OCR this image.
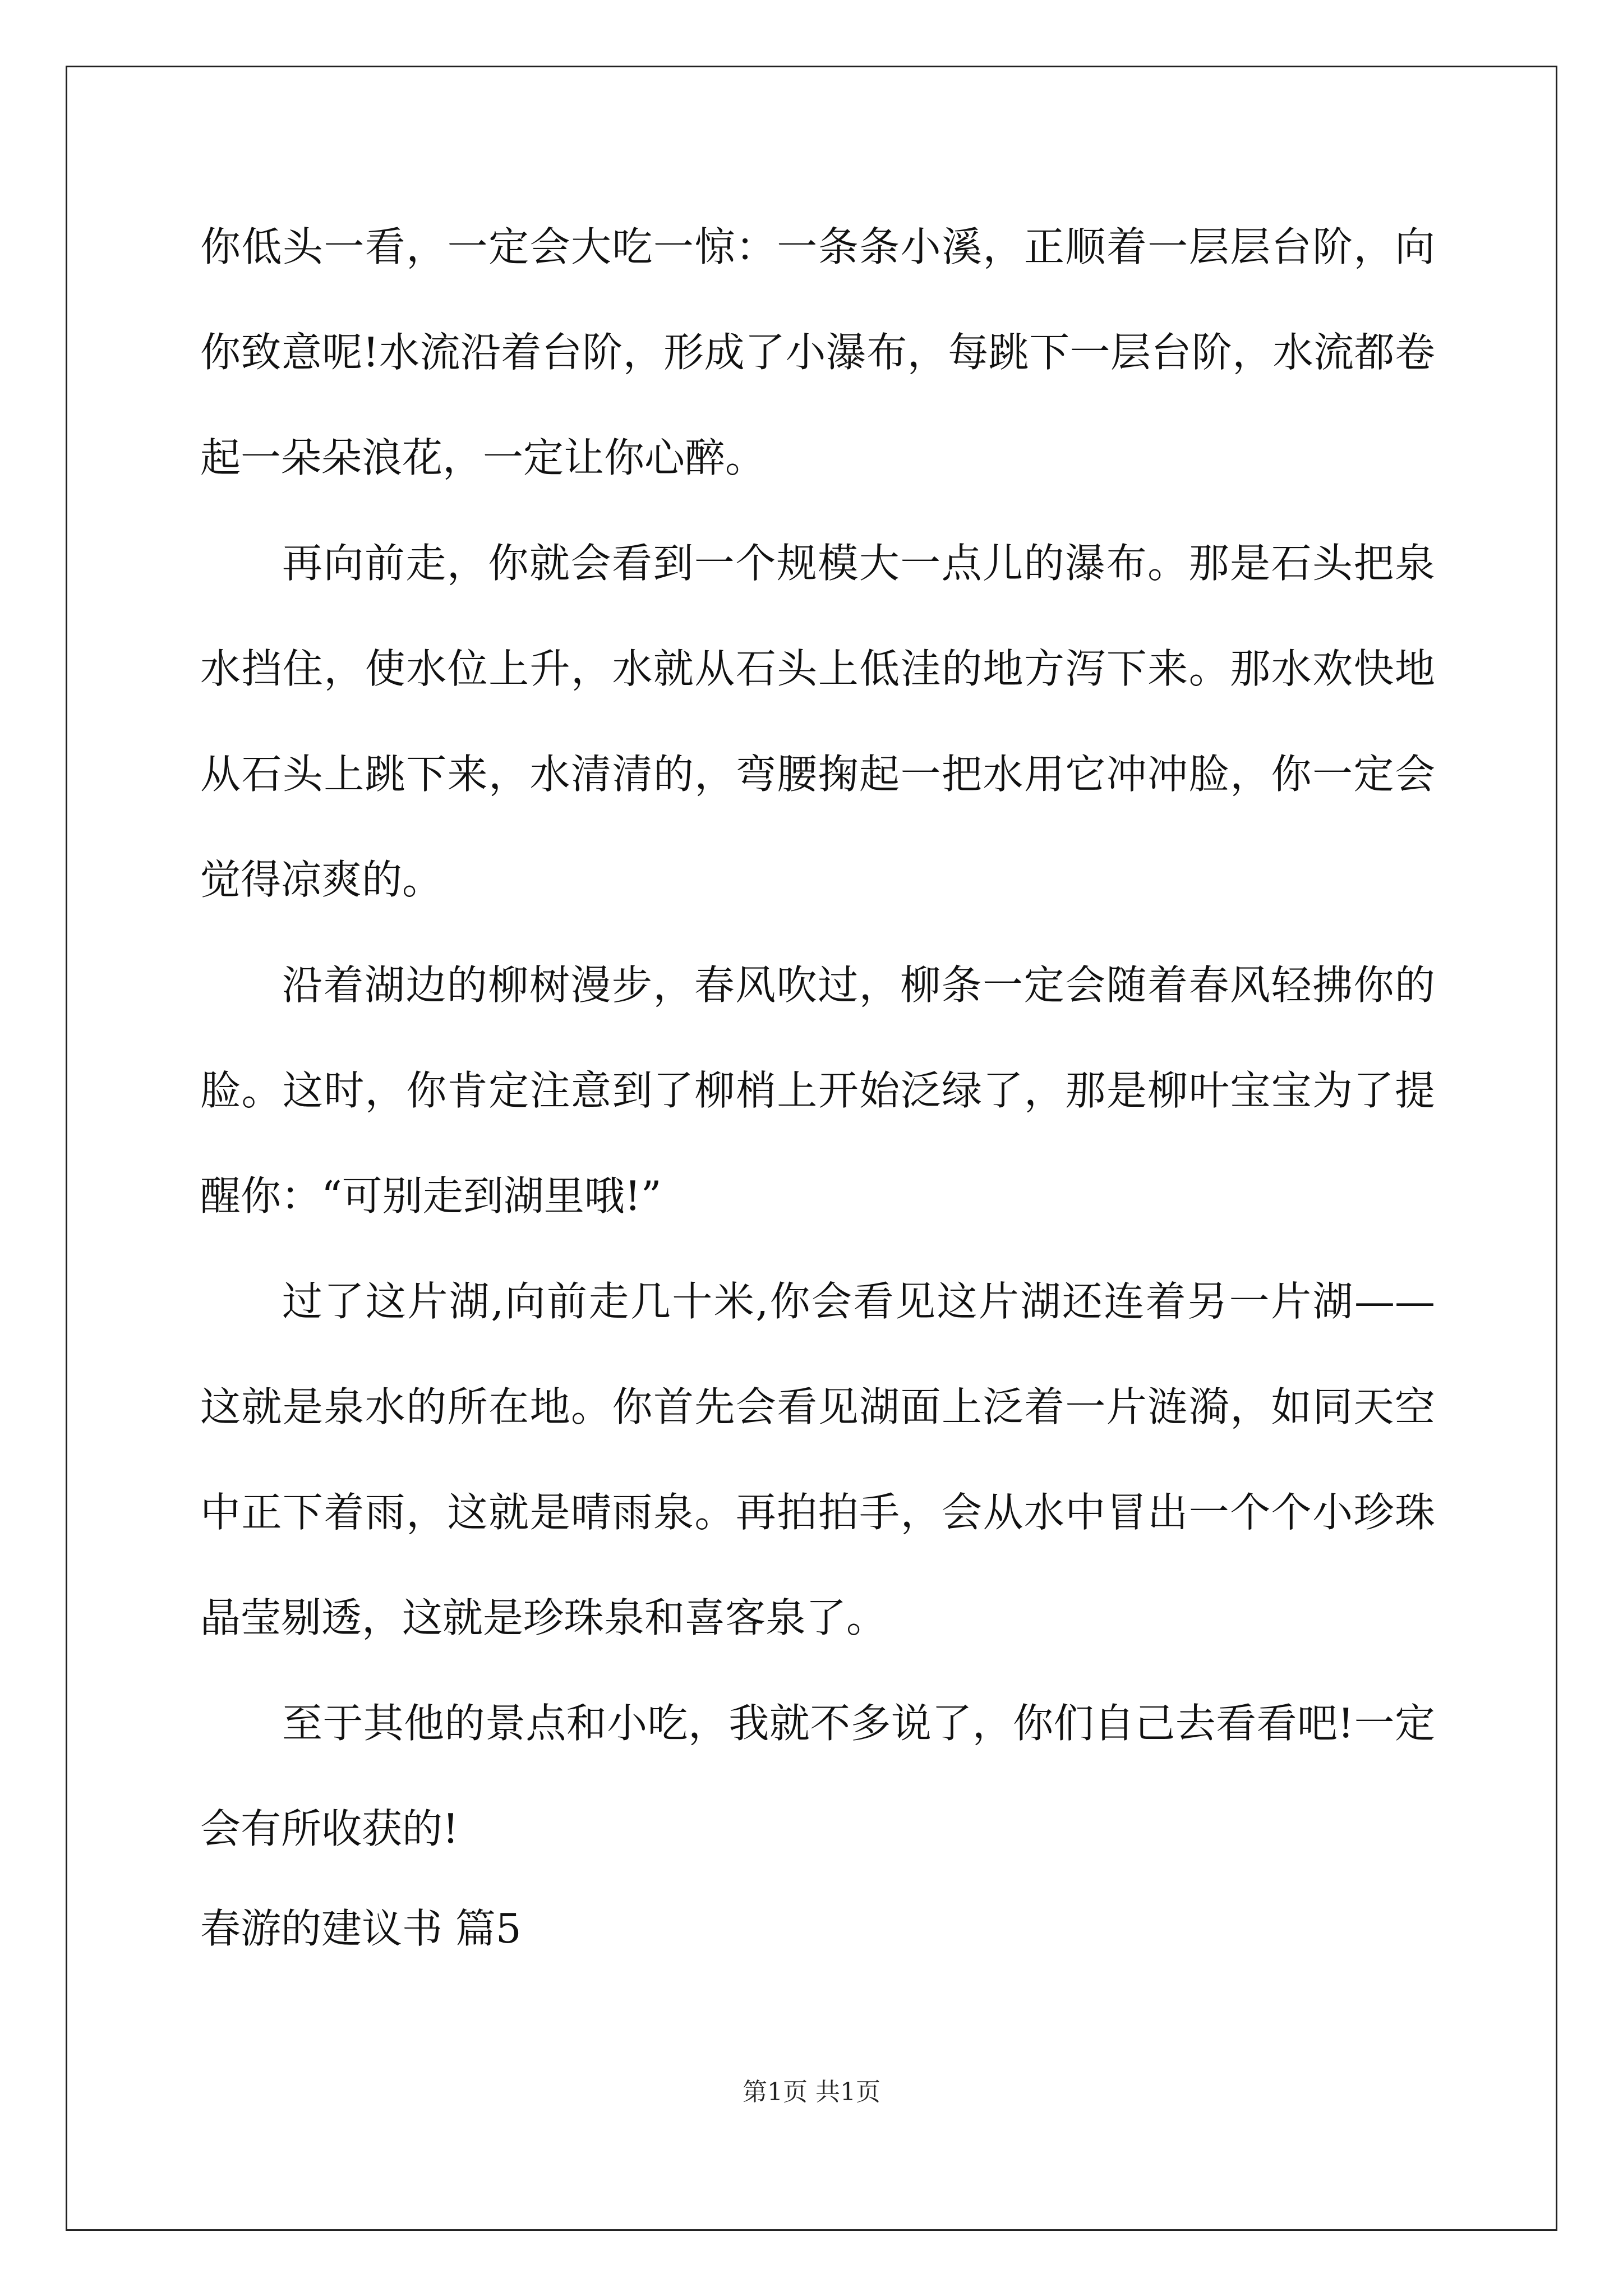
你低头一看，一定会大吃一惊：一条条小溪，正顺着一层层台阶，向
你致意呢!水流沿着台阶，形成了小瀑布，每跳下一层台阶，水流都卷
起一朵朵浪花，一定让你心醉。
再向前走，你就会看到一个规模大一点儿的瀑布。那是石头把泉
水挡住，使水位上升，水就从石头上低洼的地方泻下来。那水欢快地
从石头上跳下来，水清清的，弯腰掬起一把水用它冲冲脸，你一定会
觉得凉爽的。
沿着湖边的柳树漫步，春风吹过，柳条一定会随着春风轻拂你的
脸。这时，你肯定注意到了柳梢上开始泛绿了，那是柳叶宝宝为了提
醒你：“可别走到湖里哦!”
过了这片湖,向前走几十米,你会看见这片湖还连着另一片湖——
这就是泉水的所在地。你首先会看见湖面上泛着一片涟漪，如同天空
中正下着雨，这就是晴雨泉。再拍拍手，会从水中冒出一个个小珍珠
晶莹剔透，这就是珍珠泉和喜客泉了。
至于其他的景点和小吃，我就不多说了，你们自己去看看吧!一定
会有所收获的!
春游的建议书 篇5
第1页 共1页
